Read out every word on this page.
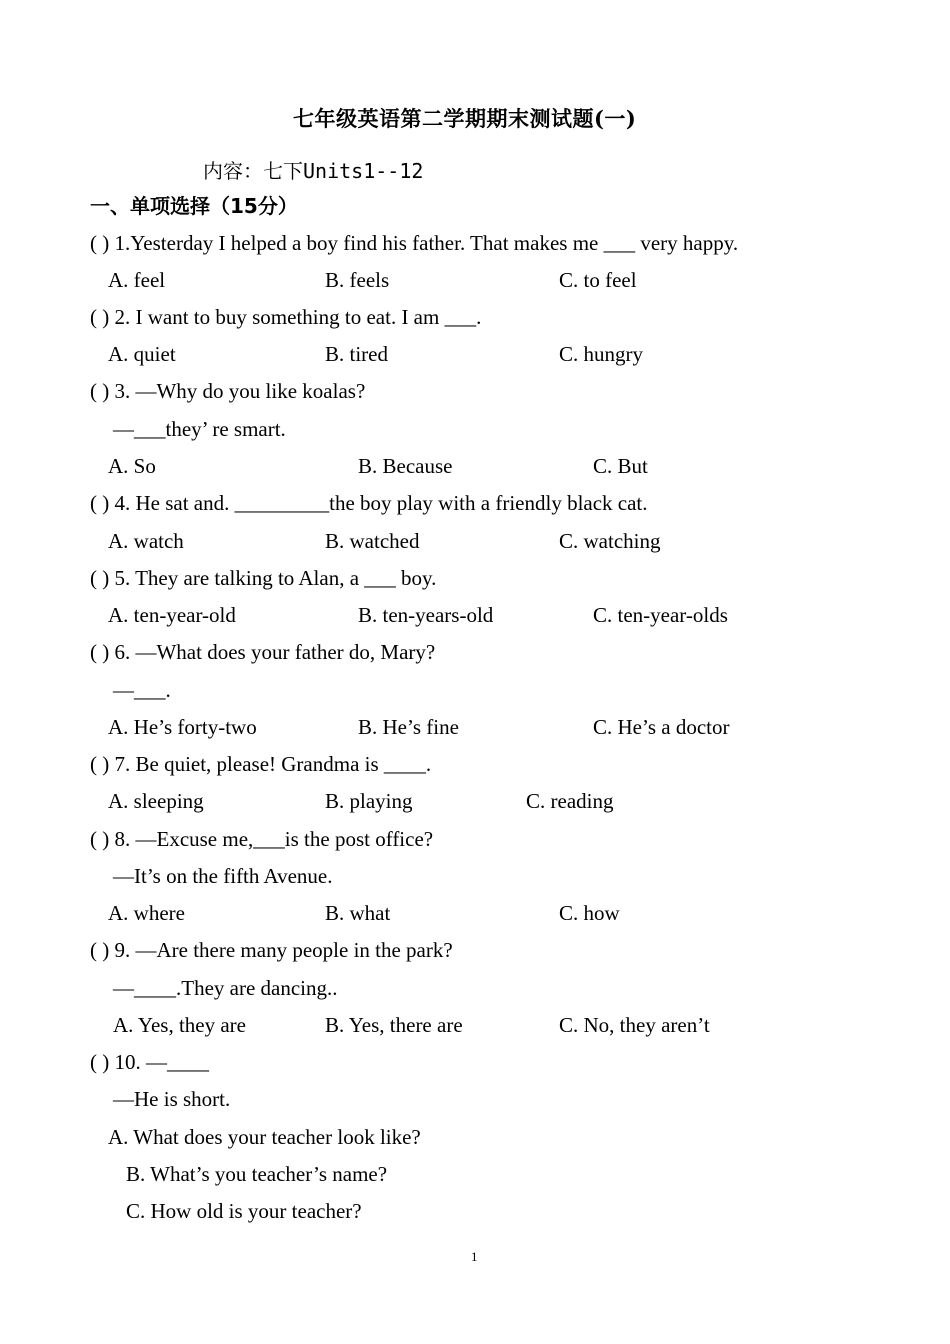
七年级英语第二学期期末测试题(一)
内容：七下Units1--12
一、单项选择（15分）
( ) 1.Yesterday I helped a boy find his father. That makes me ___ very happy.
A. feel	B. feels	C. to feel
( ) 2. I want to buy something to eat. I am ___.
A. quiet	B. tired	C. hungry
( ) 3. —Why do you like koalas?
—___they’ re smart.
A. So	B. Because	C. But
( ) 4. He sat and. _________the boy play with a friendly black cat.
A. watch	B. watched	C. watching
( ) 5. They are talking to Alan, a ___ boy.
A. ten-year-old	B. ten-years-old	C. ten-year-olds
( ) 6. —What does your father do, Mary?
—___.
A. He’s forty-two	B. He’s fine	C. He’s a doctor
( ) 7. Be quiet, please! Grandma is ____.
A. sleeping	B. playing	C. reading
( ) 8. —Excuse me,___is the post office?
—It’s on the fifth Avenue.
A. where	B. what	C. how
( ) 9. —Are there many people in the park?
—____.They are dancing..
A. Yes, they are	B. Yes, there are	C. No, they aren’t
( ) 10. —____
—He is short.
A. What does your teacher look like?
B. What’s you teacher’s name?
C. How old is your teacher?
1
